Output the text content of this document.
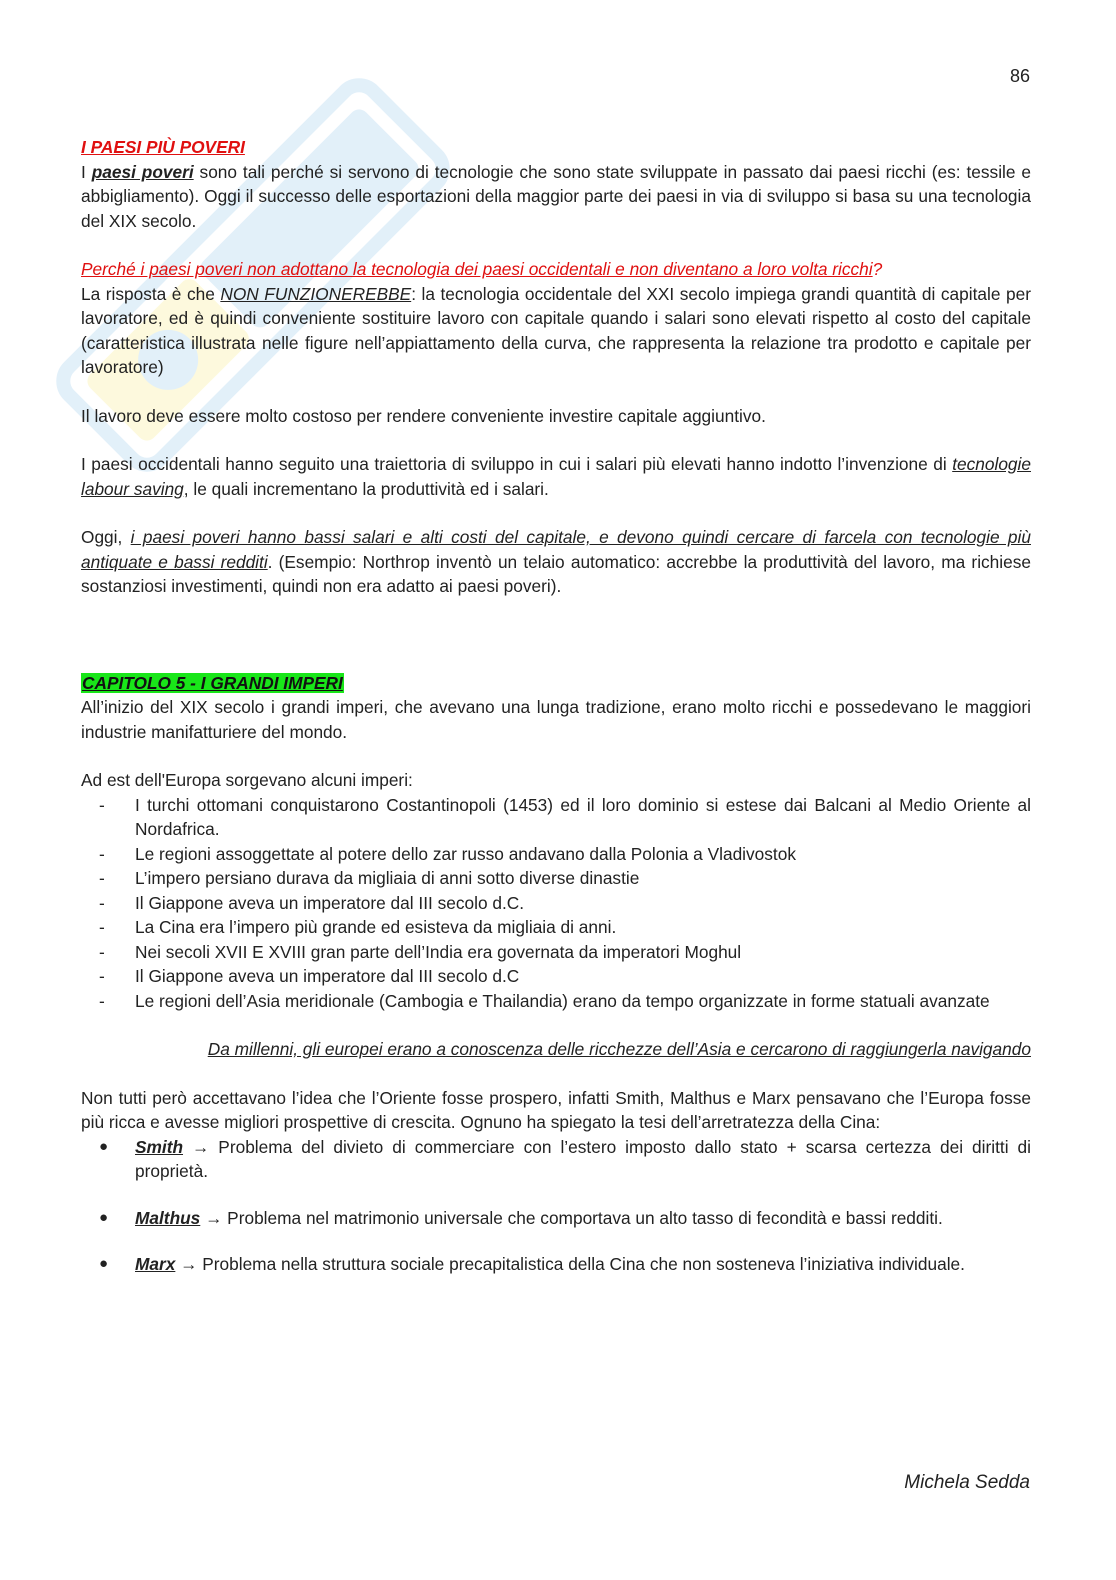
86

I PAESI PIÙ POVERI

I paesi poveri sono tali perché si servono di tecnologie che sono state sviluppate in passato dai paesi ricchi (es: tessile e abbigliamento). Oggi il successo delle esportazioni della maggior parte dei paesi in via di sviluppo si basa su una tecnologia del XIX secolo.

Perché i paesi poveri non adottano la tecnologia dei paesi occidentali e non diventano a loro volta ricchi?

La risposta è che NON FUNZIONEREBBE: la tecnologia occidentale del XXI secolo impiega grandi quantità di capitale per lavoratore, ed è quindi conveniente sostituire lavoro con capitale quando i salari sono elevati rispetto al costo del capitale (caratteristica illustrata nelle figure nell’appiattamento della curva, che rappresenta la relazione tra prodotto e capitale per lavoratore)

Il lavoro deve essere molto costoso per rendere conveniente investire capitale aggiuntivo.

I paesi occidentali hanno seguito una traiettoria di sviluppo in cui i salari più elevati hanno indotto l’invenzione di tecnologie labour saving, le quali incrementano la produttività ed i salari.

Oggi, i paesi poveri hanno bassi salari e alti costi del capitale, e devono quindi cercare di farcela con tecnologie più antiquate e bassi redditi. (Esempio: Northrop inventò un telaio automatico: accrebbe la produttività del lavoro, ma richiese sostanziosi investimenti, quindi non era adatto ai paesi poveri).

CAPITOLO 5 - I GRANDI IMPERI

All’inizio del XIX secolo i grandi imperi, che avevano una lunga tradizione, erano molto ricchi e possedevano le maggiori industrie manifatturiere del mondo.

Ad est dell'Europa sorgevano alcuni imperi:

- I turchi ottomani conquistarono Costantinopoli (1453) ed il loro dominio si estese dai Balcani al Medio Oriente al Nordafrica.
- Le regioni assoggettate al potere dello zar russo andavano dalla Polonia a Vladivostok
- L’impero persiano durava da migliaia di anni sotto diverse dinastie
- Il Giappone aveva un imperatore dal III secolo d.C.
- La Cina era l’impero più grande ed esisteva da migliaia di anni.
- Nei secoli XVII E XVIII gran parte dell’India era governata da imperatori Moghul
- Il Giappone aveva un imperatore dal III secolo d.C
- Le regioni dell’Asia meridionale (Cambogia e Thailandia) erano da tempo organizzate in forme statuali avanzate

Da millenni, gli europei erano a conoscenza delle ricchezze dell’Asia e cercarono di raggiungerla navigando

Non tutti però accettavano l’idea che l’Oriente fosse prospero, infatti Smith, Malthus e Marx pensavano che l’Europa fosse più ricca e avesse migliori prospettive di crescita. Ognuno ha spiegato la tesi dell’arretratezza della Cina:

● Smith → Problema del divieto di commerciare con l’estero imposto dallo stato + scarsa certezza dei diritti di proprietà.
● Malthus → Problema nel matrimonio universale che comportava un alto tasso di fecondità e bassi redditi.
● Marx → Problema nella struttura sociale precapitalistica della Cina che non sosteneva l’iniziativa individuale.
Michela Sedda
